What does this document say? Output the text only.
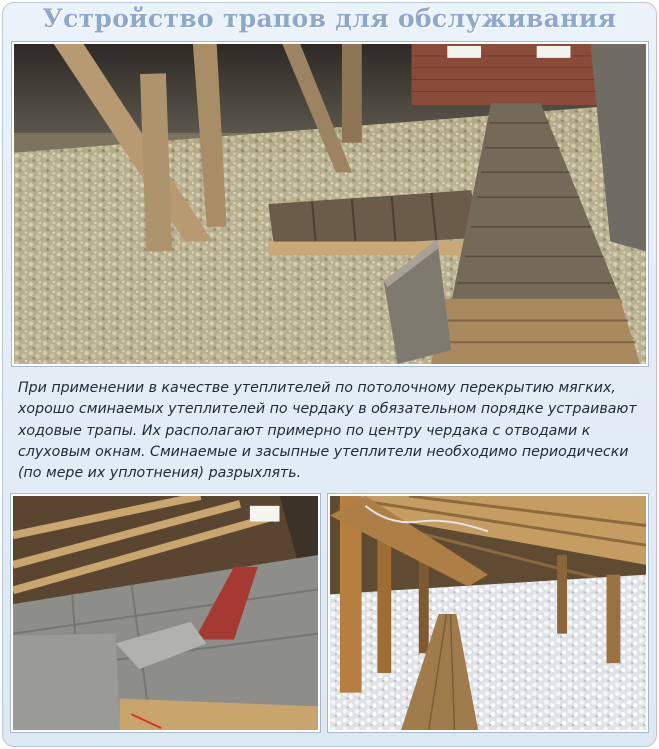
Устройство трапов для обслуживания
При применении в качестве утеплителей по потолочному перекрытию мягких, хорошо сминаемых утеплителей по чердаку в обязательном порядке устраивают ходовые трапы. Их располагают примерно по центру чердака с отводами к слуховым окнам. Сминаемые и засыпные утеплители необходимо периодически (по мере их уплотнения) разрыхлять.
